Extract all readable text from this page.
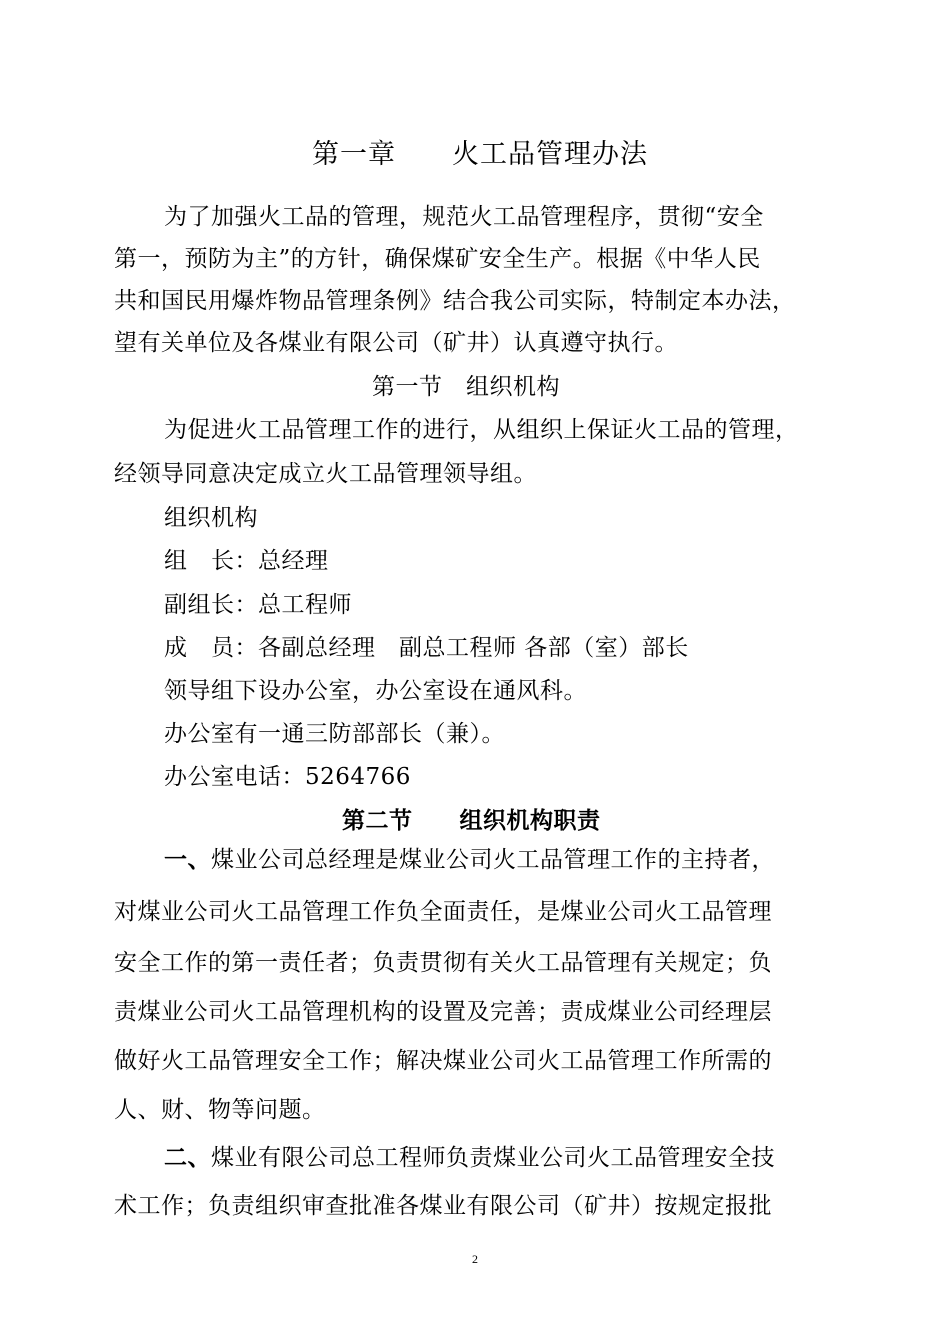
第一章　　火工品管理办法
为了加强火工品的管理，规范火工品管理程序，贯彻“安全
第一，预防为主”的方针，确保煤矿安全生产。根据《中华人民
共和国民用爆炸物品管理条例》结合我公司实际，特制定本办法，
望有关单位及各煤业有限公司（矿井）认真遵守执行。
第一节　组织机构
为促进火工品管理工作的进行，从组织上保证火工品的管理，
经领导同意决定成立火工品管理领导组。
组织机构
组　长：总经理
副组长：总工程师
成　员：各副总经理　副总工程师 各部（室）部长
领导组下设办公室，办公室设在通风科。
办公室有一通三防部部长（兼）。
办公室电话：5264766
第二节　　组织机构职责
一、煤业公司总经理是煤业公司火工品管理工作的主持者，
对煤业公司火工品管理工作负全面责任，是煤业公司火工品管理
安全工作的第一责任者；负责贯彻有关火工品管理有关规定；负
责煤业公司火工品管理机构的设置及完善；责成煤业公司经理层
做好火工品管理安全工作；解决煤业公司火工品管理工作所需的
人、财、物等问题。
二、煤业有限公司总工程师负责煤业公司火工品管理安全技
术工作；负责组织审查批准各煤业有限公司（矿井）按规定报批
2
